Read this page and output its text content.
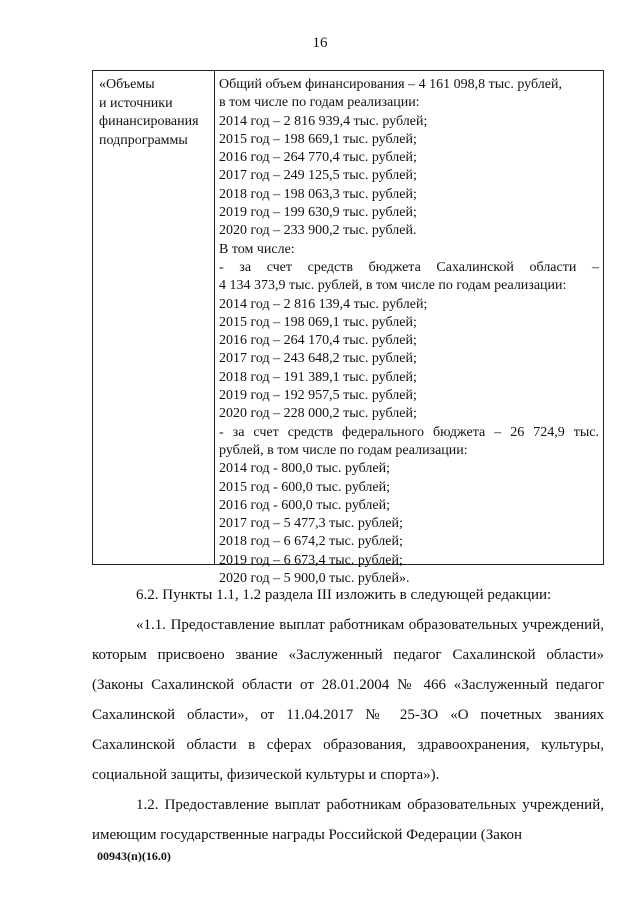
16
«Объемы
и источники
финансирования
подпрограммы
Общий объем финансирования – 4 161 098,8 тыс. рублей,
в том числе по годам реализации:
2014 год – 2 816 939,4 тыс. рублей;
2015 год – 198 669,1 тыс. рублей;
2016 год – 264 770,4 тыс. рублей;
2017 год – 249 125,5 тыс. рублей;
2018 год – 198 063,3 тыс. рублей;
2019 год – 199 630,9 тыс. рублей;
2020 год – 233 900,2 тыс. рублей.
В том числе:
- за счет средств бюджета Сахалинской области –
4 134 373,9 тыс. рублей, в том числе по годам реализации:
2014 год – 2 816 139,4 тыс. рублей;
2015 год – 198 069,1 тыс. рублей;
2016 год – 264 170,4 тыс. рублей;
2017 год – 243 648,2 тыс. рублей;
2018 год – 191 389,1 тыс. рублей;
2019 год – 192 957,5 тыс. рублей;
2020 год – 228 000,2 тыс. рублей;
- за счет средств федерального бюджета – 26 724,9 тыс.
рублей, в том числе по годам реализации:
2014 год - 800,0 тыс. рублей;
2015 год - 600,0 тыс. рублей;
2016 год - 600,0 тыс. рублей;
2017 год – 5 477,3 тыс. рублей;
2018 год – 6 674,2 тыс. рублей;
2019 год – 6 673,4 тыс. рублей;
2020 год – 5 900,0 тыс. рублей».

6.2. Пункты 1.1, 1.2 раздела III изложить в следующей редакции:

«1.1. Предоставление выплат работникам образовательных учреждений, которым присвоено звание «Заслуженный педагог Сахалинской области» (Законы Сахалинской области от 28.01.2004 № 466 «Заслуженный педагог Сахалинской области», от 11.04.2017 № 25-ЗО «О почетных званиях Сахалинской области в сферах образования, здравоохранения, культуры, социальной защиты, физической культуры и спорта»).

1.2. Предоставление выплат работникам образовательных учреждений, имеющим государственные награды Российской Федерации (Закон

00943(п)(16.0)
